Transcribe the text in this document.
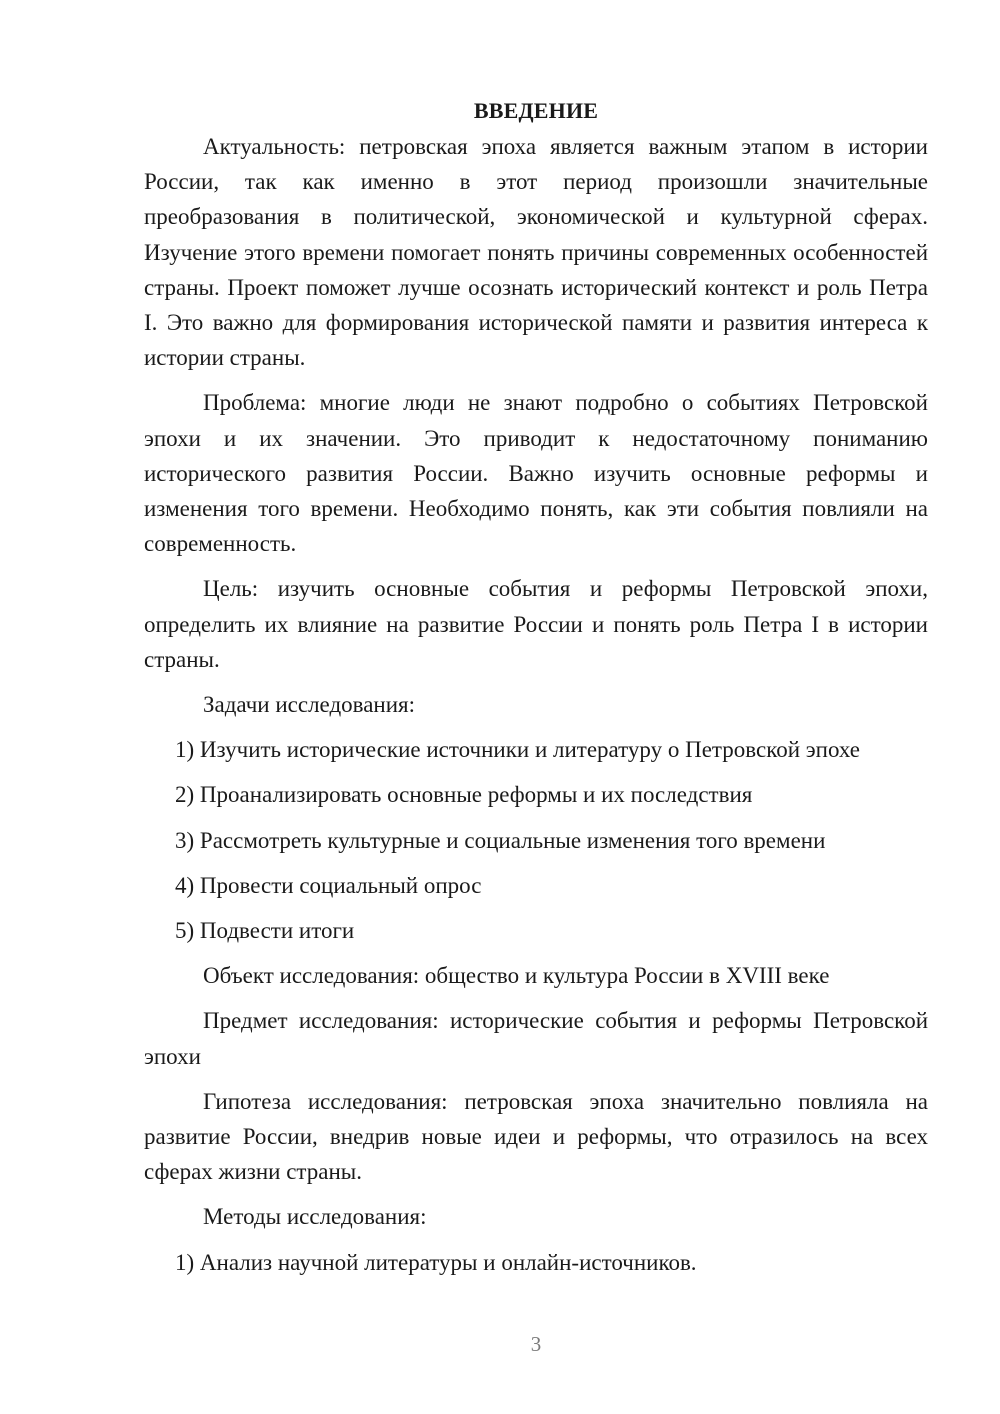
ВВЕДЕНИЕ

Актуальность: петровская эпоха является важным этапом в истории России, так как именно в этот период произошли значительные преобразования в политической, экономической и культурной сферах. Изучение этого времени помогает понять причины современных особенностей страны. Проект поможет лучше осознать исторический контекст и роль Петра I. Это важно для формирования исторической памяти и развития интереса к истории страны.

Проблема: многие люди не знают подробно о событиях Петровской эпохи и их значении. Это приводит к недостаточному пониманию исторического развития России. Важно изучить основные реформы и изменения того времени. Необходимо понять, как эти события повлияли на современность.

Цель: изучить основные события и реформы Петровской эпохи, определить их влияние на развитие России и понять роль Петра I в истории страны.

Задачи исследования:
1) Изучить исторические источники и литературу о Петровской эпохе
2) Проанализировать основные реформы и их последствия
3) Рассмотреть культурные и социальные изменения того времени
4) Провести социальный опрос
5) Подвести итоги
Объект исследования: общество и культура России в XVIII веке

Предмет исследования: исторические события и реформы Петровской эпохи

Гипотеза исследования: петровская эпоха значительно повлияла на развитие России, внедрив новые идеи и реформы, что отразилось на всех сферах жизни страны.

Методы исследования:
1) Анализ научной литературы и онлайн-источников.
3
